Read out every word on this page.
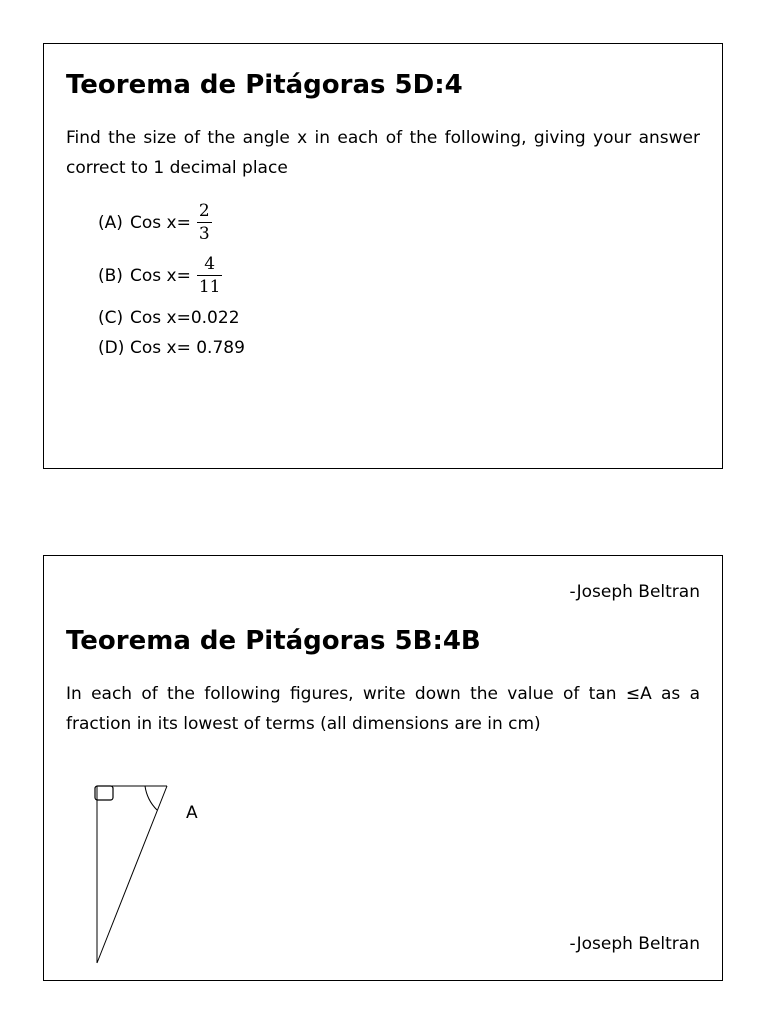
Teorema de Pitágoras 5D:4
Find the size of the angle x in each of the following, giving your answer correct to 1 decimal place
(A) Cos $x= \frac{2}{3}$
(B) Cos $x= \frac{4}{11}$
(C) Cos x=0.022
(D) Cos x= 0.789
-Joseph Beltran
Teorema de Pitágoras 5B:4B
In each of the following figures, write down the value of tan ≤A as a fraction in its lowest of terms (all dimensions are in cm)
A
-Joseph Beltran
